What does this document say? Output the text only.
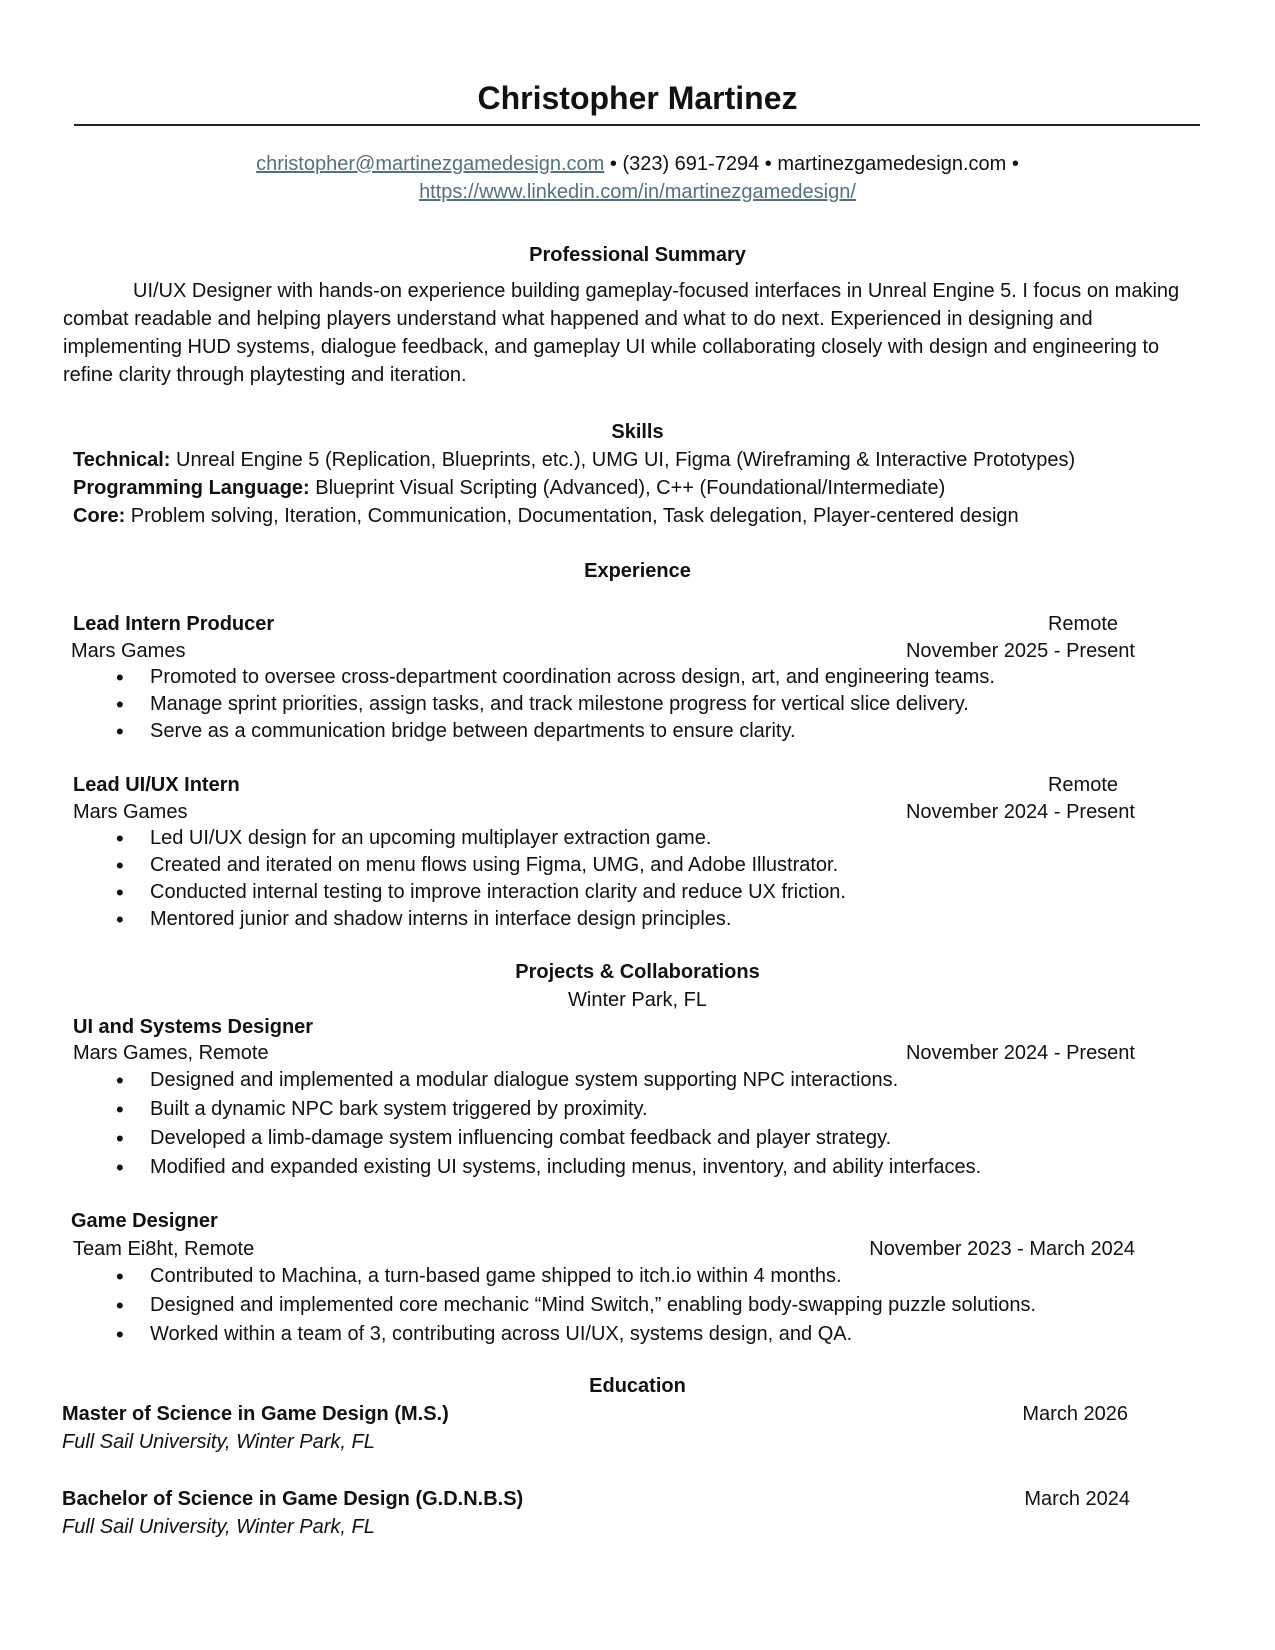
Christopher Martinez
christopher@martinezgamedesign.com • (323) 691-7294 • martinezgamedesign.com •
https://www.linkedin.com/in/martinezgamedesign/
Professional Summary
UI/UX Designer with hands-on experience building gameplay-focused interfaces in Unreal Engine 5. I focus on making combat readable and helping players understand what happened and what to do next. Experienced in designing and implementing HUD systems, dialogue feedback, and gameplay UI while collaborating closely with design and engineering to refine clarity through playtesting and iteration.
Skills
Technical: Unreal Engine 5 (Replication, Blueprints, etc.), UMG UI, Figma (Wireframing & Interactive Prototypes)
Programming Language: Blueprint Visual Scripting (Advanced), C++ (Foundational/Intermediate)
Core: Problem solving, Iteration, Communication, Documentation, Task delegation, Player-centered design
Experience
Lead Intern Producer	Remote
Mars Games	November 2025 - Present
• Promoted to oversee cross-department coordination across design, art, and engineering teams.
• Manage sprint priorities, assign tasks, and track milestone progress for vertical slice delivery.
• Serve as a communication bridge between departments to ensure clarity.
Lead UI/UX Intern	Remote
Mars Games	November 2024 - Present
• Led UI/UX design for an upcoming multiplayer extraction game.
• Created and iterated on menu flows using Figma, UMG, and Adobe Illustrator.
• Conducted internal testing to improve interaction clarity and reduce UX friction.
• Mentored junior and shadow interns in interface design principles.
Projects & Collaborations
Winter Park, FL
UI and Systems Designer
Mars Games, Remote	November 2024 - Present
• Designed and implemented a modular dialogue system supporting NPC interactions.
• Built a dynamic NPC bark system triggered by proximity.
• Developed a limb-damage system influencing combat feedback and player strategy.
• Modified and expanded existing UI systems, including menus, inventory, and ability interfaces.
Game Designer
Team Ei8ht, Remote	November 2023 - March 2024
• Contributed to Machina, a turn-based game shipped to itch.io within 4 months.
• Designed and implemented core mechanic “Mind Switch,” enabling body-swapping puzzle solutions.
• Worked within a team of 3, contributing across UI/UX, systems design, and QA.
Education
Master of Science in Game Design (M.S.)	March 2026
Full Sail University, Winter Park, FL
Bachelor of Science in Game Design (G.D.N.B.S)	March 2024
Full Sail University, Winter Park, FL
